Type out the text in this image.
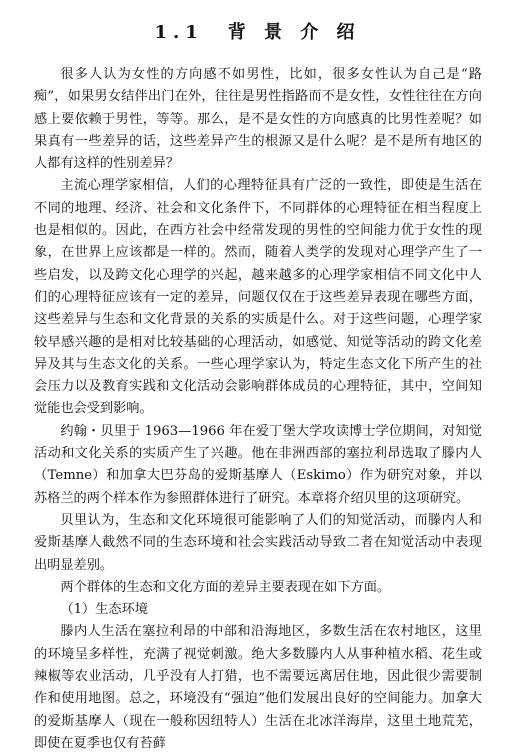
1.1　背 景 介 绍

很多人认为女性的方向感不如男性，比如，很多女性认为自己是“路痴”，如果男女结伴出门在外，往往是男性指路而不是女性，女性往往在方向感上要依赖于男性，等等。那么，是不是女性的方向感真的比男性差呢？如果真有一些差异的话，这些差异产生的根源又是什么呢？是不是所有地区的人都有这样的性别差异？

主流心理学家相信，人们的心理特征具有广泛的一致性，即使是生活在不同的地理、经济、社会和文化条件下，不同群体的心理特征在相当程度上也是相似的。因此，在西方社会中经常发现的男性的空间能力优于女性的现象，在世界上应该都是一样的。然而，随着人类学的发现对心理学产生了一些启发，以及跨文化心理学的兴起，越来越多的心理学家相信不同文化中人们的心理特征应该有一定的差异，问题仅仅在于这些差异表现在哪些方面，这些差异与生态和文化背景的关系的实质是什么。对于这些问题，心理学家较早感兴趣的是相对比较基础的心理活动，如感觉、知觉等活动的跨文化差异及其与生态文化的关系。一些心理学家认为，特定生态文化下所产生的社会压力以及教育实践和文化活动会影响群体成员的心理特征，其中，空间知觉能也会受到影响。

约翰・贝里于 1963—1966 年在爱丁堡大学攻读博士学位期间，对知觉活动和文化关系的实质产生了兴趣。他在非洲西部的塞拉利昂选取了滕内人（Temne）和加拿大巴芬岛的爱斯基摩人（Eskimo）作为研究对象，并以苏格兰的两个样本作为参照群体进行了研究。本章将介绍贝里的这项研究。

贝里认为，生态和文化环境很可能影响了人们的知觉活动，而滕内人和爱斯基摩人截然不同的生态环境和社会实践活动导致二者在知觉活动中表现出明显差别。

两个群体的生态和文化方面的差异主要表现在如下方面。

（1）生态环境

滕内人生活在塞拉利昂的中部和沿海地区，多数生活在农村地区，这里的环境呈多样性，充满了视觉刺激。绝大多数滕内人从事种植水稻、花生或辣椒等农业活动，几乎没有人打猎，也不需要远离居住地，因此很少需要制作和使用地图。总之，环境没有“强迫”他们发展出良好的空间能力。加拿大的爱斯基摩人（现在一般称因纽特人）生活在北冰洋海岸，这里土地荒芜，即使在夏季也仅有苔藓
